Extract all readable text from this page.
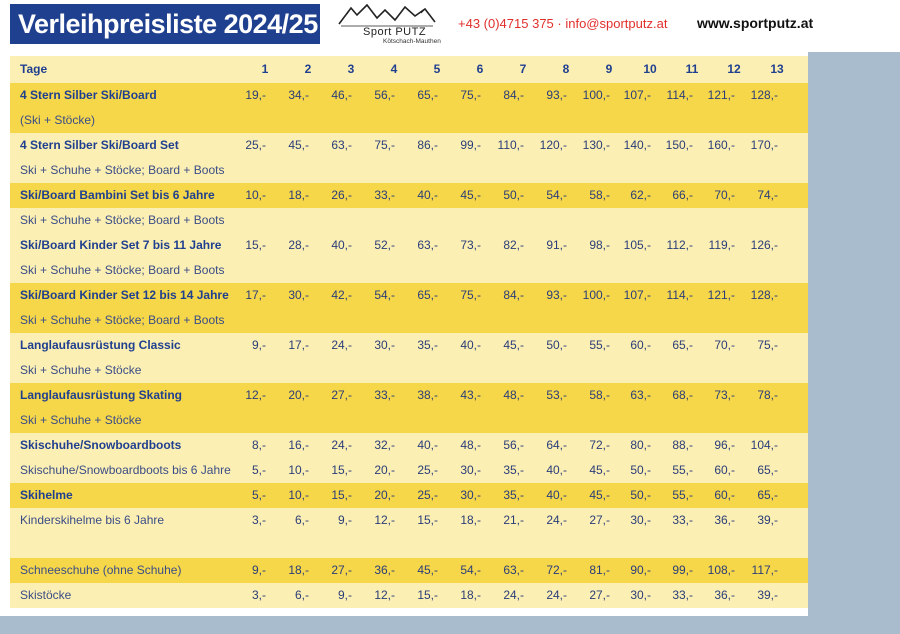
Verleihpreisliste 2024/25	Sport PUTZ
Kötschach-Mauthen
+43 (0)4715 375 · info@sportputz.at www.sportputz.at
Tage	1	2	3	4	5	6	7	8	9	10	11	12	13
4 Stern Silber Ski/Board	19,-	34,-	46,-	56,-	65,-	75,-	84,-	93,-	100,-	107,-	114,-	121,-	128,-
(Ski + Stöcke)
4 Stern Silber Ski/Board Set	25,-	45,-	63,-	75,-	86,-	99,-	110,-	120,-	130,-	140,-	150,-	160,-	170,-
Ski + Schuhe + Stöcke; Board + Boots
Ski/Board Bambini Set bis 6 Jahre	10,-	18,-	26,-	33,-	40,-	45,-	50,-	54,-	58,-	62,-	66,-	70,-	74,-
Ski + Schuhe + Stöcke; Board + Boots
Ski/Board Kinder Set 7 bis 11 Jahre	15,-	28,-	40,-	52,-	63,-	73,-	82,-	91,-	98,-	105,-	112,-	119,-	126,-
Ski + Schuhe + Stöcke; Board + Boots
Ski/Board Kinder Set 12 bis 14 Jahre	17,-	30,-	42,-	54,-	65,-	75,-	84,-	93,-	100,-	107,-	114,-	121,-	128,-
Ski + Schuhe + Stöcke; Board + Boots
Langlaufausrüstung Classic	9,-	17,-	24,-	30,-	35,-	40,-	45,-	50,-	55,-	60,-	65,-	70,-	75,-
Ski + Schuhe + Stöcke
Langlaufausrüstung Skating	12,-	20,-	27,-	33,-	38,-	43,-	48,-	53,-	58,-	63,-	68,-	73,-	78,-
Ski + Schuhe + Stöcke
Skischuhe/Snowboardboots	8,-	16,-	24,-	32,-	40,-	48,-	56,-	64,-	72,-	80,-	88,-	96,-	104,-
Skischuhe/Snowboardboots bis 6 Jahre	5,-	10,-	15,-	20,-	25,-	30,-	35,-	40,-	45,-	50,-	55,-	60,-	65,-
Skihelme	5,-	10,-	15,-	20,-	25,-	30,-	35,-	40,-	45,-	50,-	55,-	60,-	65,-
Kinderskihelme bis 6 Jahre	3,-	6,-	9,-	12,-	15,-	18,-	21,-	24,-	27,-	30,-	33,-	36,-	39,-
Schneeschuhe (ohne Schuhe)	9,-	18,-	27,-	36,-	45,-	54,-	63,-	72,-	81,-	90,-	99,-	108,-	117,-
Skistöcke	3,-	6,-	9,-	12,-	15,-	18,-	24,-	24,-	27,-	30,-	33,-	36,-	39,-
